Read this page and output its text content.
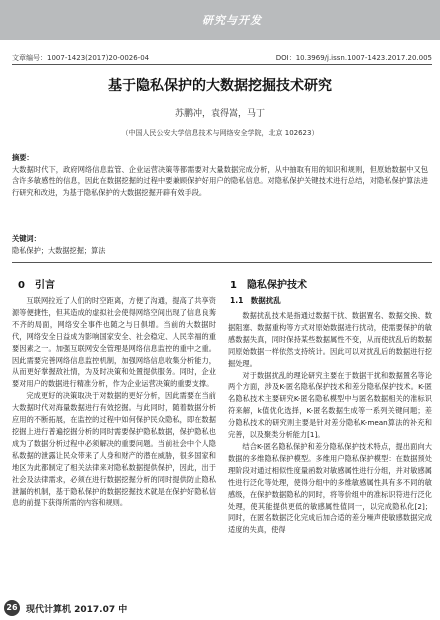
研究与开发
文章编号：1007-1423(2017)20-0026-04	DOI：10.3969/j.issn.1007-1423.2017.20.005
基于隐私保护的大数据挖掘技术研究
苏鹏冲，袁得嵩，马丁
（中国人民公安大学信息技术与网络安全学院，北京 102623）
摘要：
大数据时代下，政府网络信息监管、企业运营决策等都需要对大量数据完成分析，从中抽取有用的知识和规则，但原始数据中又包含许多敏感性的信息，因此在数据挖掘的过程中要兼顾保护好用户的隐私信息。对隐私保护关键技术进行总结，对隐私保护算法进行研究和改进，为基于隐私保护的大数据挖掘开辟有效手段。
关键词：
隐私保护；大数据挖掘；算法
0　引言

互联网拉近了人们的时空距离，方便了沟通，提高了共享资源等便捷性，但其造成的虚拟社会使得网络空间出现了信息良莠不齐的局面，网络安全事件也随之与日俱增。当前的大数据时代，网络安全日益成为影响国家安全、社会稳定、人民幸福的重要因素之一。加强互联网安全管理是网络信息监控的重中之重。因此需要完善网络信息监控机制，加强网络信息收集分析能力，从而更好掌握敌社情，为及时决策和处置提供服务。同时，企业要对用户的数据进行精准分析，作为企业运营决策的重要支撑。

完成更好的决策取决于对数据的更好分析，因此需要在当前大数据时代对海量数据进行有效挖掘。与此同时，随着数据分析应用的不断拓展，在监控的过程中如何保护民众隐私，即在数据挖掘上进行普遍挖掘分析的同时需要保护隐私数据，保护隐私也成为了数据分析过程中必须解决的重要问题。当前社会中个人隐私数据的泄露让民众带来了人身和财产的潜在威胁，很多国家和地区为此都制定了相关法律来对隐私数据提供保护，因此，出于社会及法律需求，必须在进行数据挖掘分析的同时提供防止隐私泄漏的机制，基于隐私保护的数据挖掘技术就是在保护好隐私信息的前提下获得所需的内容和规则。

1　隐私保护技术
1.1　数据扰乱

数据扰乱技术是指通过数据干扰、数据置名、数据交换、数据阻塞、数据重构等方式对原始数据进行扰动，使需要保护的敏感数据失真，同时保持某些数据属性不变，从而使扰乱后的数据同原始数据一样依然支持统计。因此可以对扰乱后的数据进行挖掘处理。

对于数据扰乱的理论研究主要在于数据干扰和数据置名等论两个方面，涉及K-匿名隐私保护技术和差分隐私保护技术。K-匿名隐私技术主要研究K-匿名隐私模型中与匿名数据相关的准标识符来解，k值优化选择，K-匿名数据生成等一系列关键问题；差分隐私技术的研究则主要是针对差分隐私K-mean算法的补充和完善，以及聚类分析能力[1]。

结合K-匿名隐私保护和差分隐私保护技术特点，提出面向大数据的多维隐私保护模型。多维用户隐私保护模型：在数据预处理阶段对通过相似性度量函数对敏感属性进行分组，并对敏感属性进行泛化等处理，使得分组中的多维敏感属性具有多不同的敏感级，在保护数据隐私的同时，将等价组中的准标识符进行泛化处理，使其能提供更低的敏感属性值同一，以完成隐私化[2]；同时，在匿名数据泛化完成后加合适的差分噪声使敏感数据完成适度的失真，使得

26 现代计算机 2017.07 中
